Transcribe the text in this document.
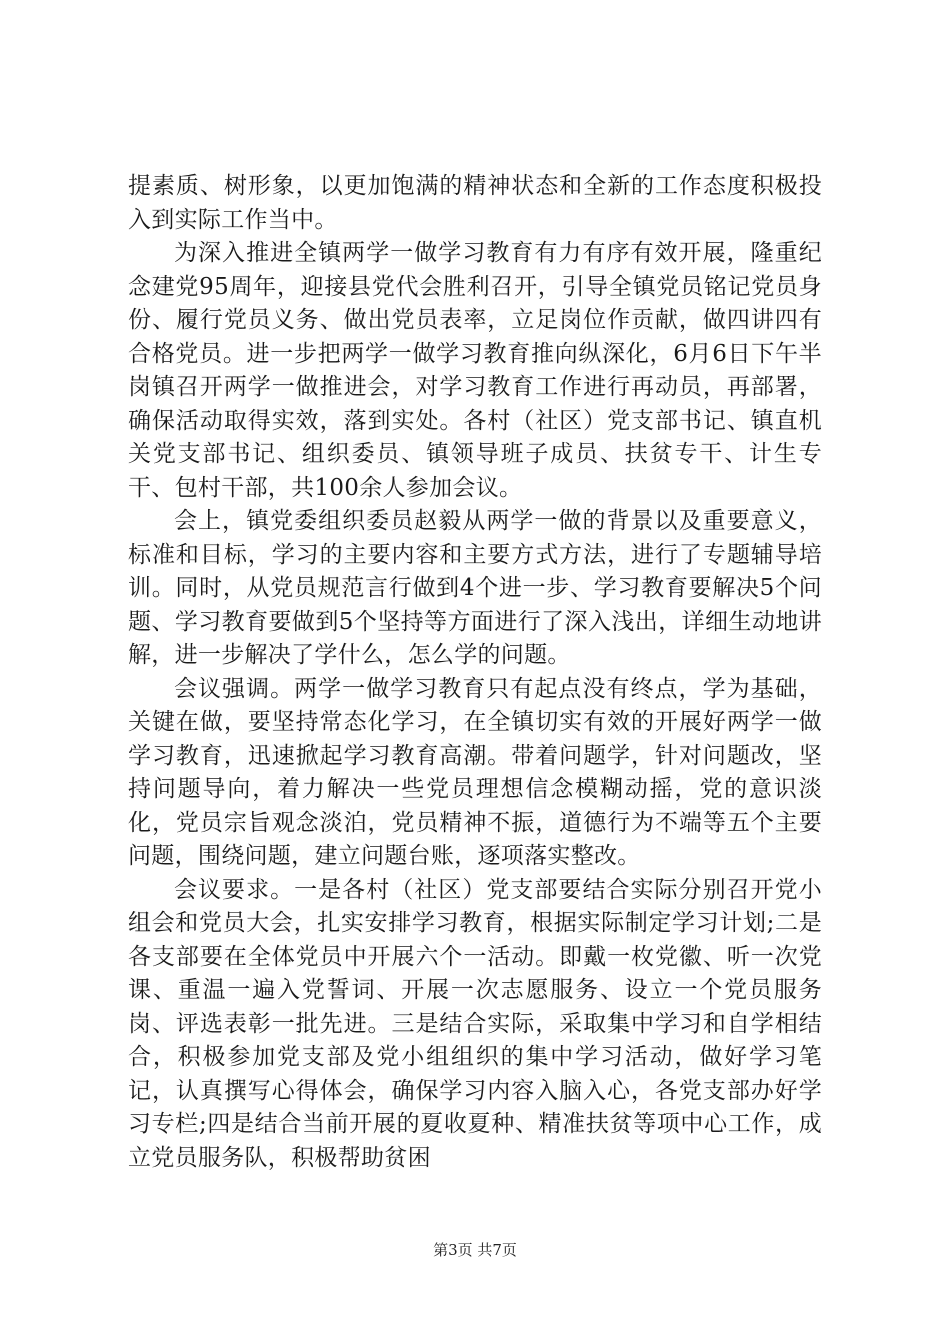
提素质、树形象，以更加饱满的精神状态和全新的工作态度积极投入到实际工作当中。

为深入推进全镇两学一做学习教育有力有序有效开展，隆重纪念建党95周年，迎接县党代会胜利召开，引导全镇党员铭记党员身份、履行党员义务、做出党员表率，立足岗位作贡献，做四讲四有合格党员。进一步把两学一做学习教育推向纵深化，6月6日下午半岗镇召开两学一做推进会，对学习教育工作进行再动员，再部署，确保活动取得实效，落到实处。各村（社区）党支部书记、镇直机关党支部书记、组织委员、镇领导班子成员、扶贫专干、计生专干、包村干部，共100余人参加会议。

会上，镇党委组织委员赵毅从两学一做的背景以及重要意义，标准和目标，学习的主要内容和主要方式方法，进行了专题辅导培训。同时，从党员规范言行做到4个进一步、学习教育要解决5个问题、学习教育要做到5个坚持等方面进行了深入浅出，详细生动地讲解，进一步解决了学什么，怎么学的问题。

会议强调。两学一做学习教育只有起点没有终点，学为基础，关键在做，要坚持常态化学习，在全镇切实有效的开展好两学一做学习教育，迅速掀起学习教育高潮。带着问题学，针对问题改，坚持问题导向，着力解决一些党员理想信念模糊动摇，党的意识淡化，党员宗旨观念淡泊，党员精神不振，道德行为不端等五个主要问题，围绕问题，建立问题台账，逐项落实整改。

会议要求。一是各村（社区）党支部要结合实际分别召开党小组会和党员大会，扎实安排学习教育，根据实际制定学习计划;二是各支部要在全体党员中开展六个一活动。即戴一枚党徽、听一次党课、重温一遍入党誓词、开展一次志愿服务、设立一个党员服务岗、评选表彰一批先进。三是结合实际，采取集中学习和自学相结合，积极参加党支部及党小组组织的集中学习活动，做好学习笔记，认真撰写心得体会，确保学习内容入脑入心，各党支部办好学习专栏;四是结合当前开展的夏收夏种、精准扶贫等项中心工作，成立党员服务队，积极帮助贫困

第3页 共7页
